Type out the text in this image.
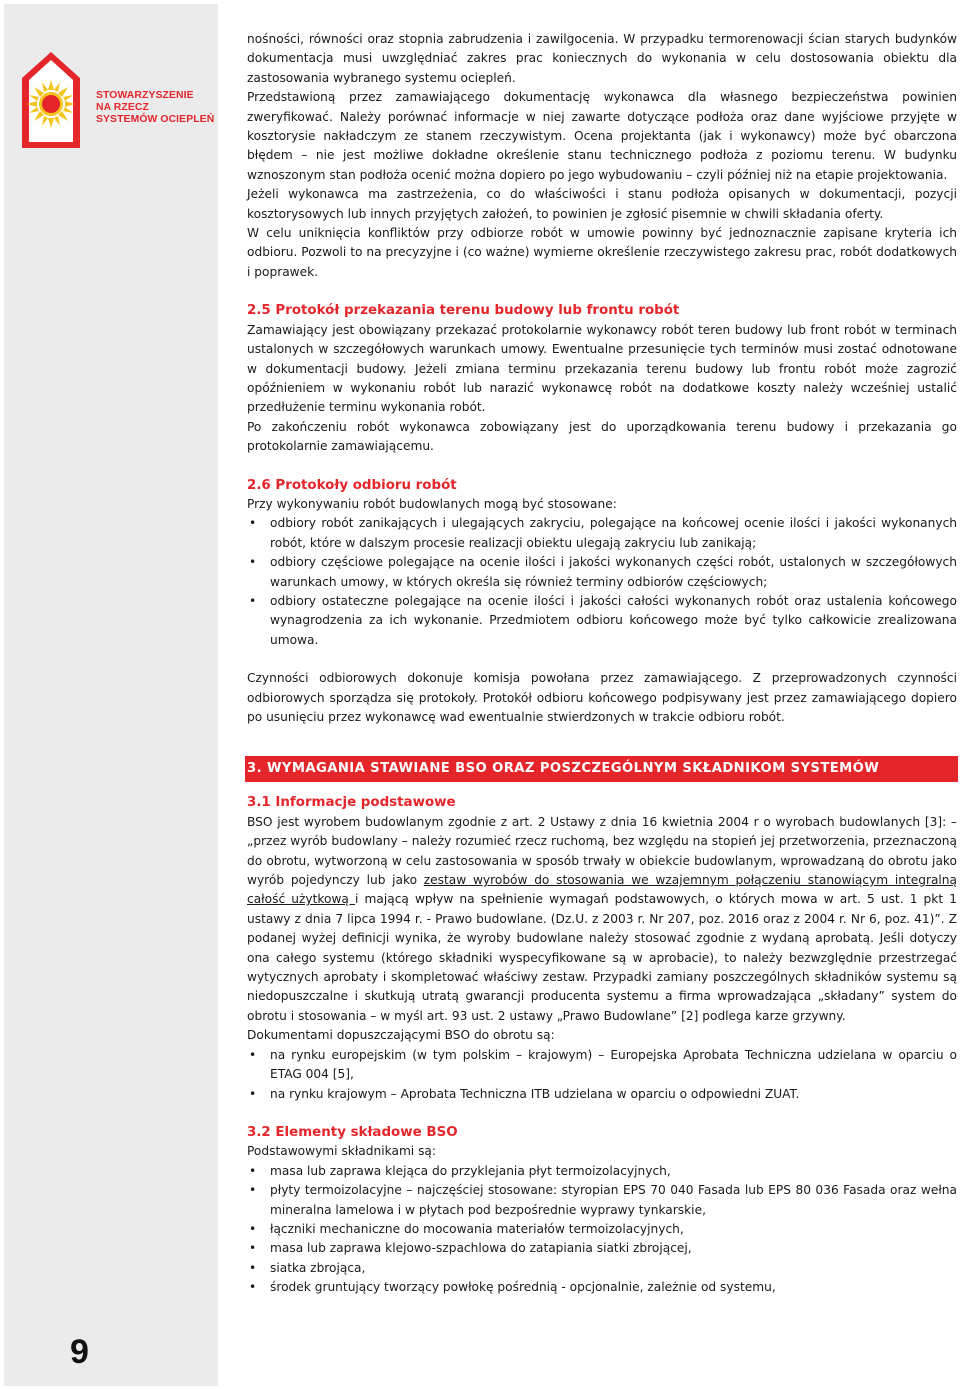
STOWARZYSZENIE
NA RZECZ
SYSTEMÓW OCIEPLEŃ
9

nośności, równości oraz stopnia zabrudzenia i zawilgocenia. W przypadku termorenowacji ścian starych budynków dokumentacja musi uwzględniać zakres prac koniecznych do wykonania w celu dostosowania obiektu dla zastosowania wybranego systemu ociepleń.

Przedstawioną przez zamawiającego dokumentację wykonawca dla własnego bezpieczeństwa powinien zweryfikować. Należy porównać informacje w niej zawarte dotyczące podłoża oraz dane wyjściowe przyjęte w kosztorysie nakładczym ze stanem rzeczywistym. Ocena projektanta (jak i wykonawcy) może być obarczona błędem – nie jest możliwe dokładne określenie stanu technicznego podłoża z poziomu terenu. W budynku wznoszonym stan podłoża ocenić można dopiero po jego wybudowaniu – czyli później niż na etapie projektowania.

Jeżeli wykonawca ma zastrzeżenia, co do właściwości i stanu podłoża opisanych w dokumentacji, pozycji kosztorysowych lub innych przyjętych założeń, to powinien je zgłosić pisemnie w chwili składania oferty.

W celu uniknięcia konfliktów przy odbiorze robót w umowie powinny być jednoznacznie zapisane kryteria ich odbioru. Pozwoli to na precyzyjne i (co ważne) wymierne określenie rzeczywistego zakresu prac, robót dodatkowych i poprawek.

2.5 Protokół przekazania terenu budowy lub frontu robót

Zamawiający jest obowiązany przekazać protokolarnie wykonawcy robót teren budowy lub front robót w terminach ustalonych w szczegółowych warunkach umowy. Ewentualne przesunięcie tych terminów musi zostać odnotowane w dokumentacji budowy. Jeżeli zmiana terminu przekazania terenu budowy lub frontu robót może zagrozić opóźnieniem w wykonaniu robót lub narazić wykonawcę robót na dodatkowe koszty należy wcześniej ustalić przedłużenie terminu wykonania robót.

Po zakończeniu robót wykonawca zobowiązany jest do uporządkowania terenu budowy i przekazania go protokolarnie zamawiającemu.

2.6 Protokoły odbioru robót

Przy wykonywaniu robót budowlanych mogą być stosowane:

• odbiory robót zanikających i ulegających zakryciu, polegające na końcowej ocenie ilości i jakości wykonanych robót, które w dalszym procesie realizacji obiektu ulegają zakryciu lub zanikają;
• odbiory częściowe polegające na ocenie ilości i jakości wykonanych części robót, ustalonych w szczegółowych warunkach umowy, w których określa się również terminy odbiorów częściowych;
• odbiory ostateczne polegające na ocenie ilości i jakości całości wykonanych robót oraz ustalenia końcowego wynagrodzenia za ich wykonanie. Przedmiotem odbioru końcowego może być tylko całkowicie zrealizowana umowa.

Czynności odbiorowych dokonuje komisja powołana przez zamawiającego. Z przeprowadzonych czynności odbiorowych sporządza się protokoły. Protokół odbioru końcowego podpisywany jest przez zamawiającego dopiero po usunięciu przez wykonawcę wad ewentualnie stwierdzonych w trakcie odbioru robót.

3. WYMAGANIA STAWIANE BSO ORAZ POSZCZEGÓLNYM SKŁADNIKOM SYSTEMÓW
3.1 Informacje podstawowe

BSO jest wyrobem budowlanym zgodnie z art. 2 Ustawy z dnia 16 kwietnia 2004 r o wyrobach budowlanych [3]: – „przez wyrób budowlany – należy rozumieć rzecz ruchomą, bez względu na stopień jej przetworzenia, przeznaczoną do obrotu, wytworzoną w celu zastosowania w sposób trwały w obiekcie budowlanym, wprowadzaną do obrotu jako wyrób pojedynczy lub jako zestaw wyrobów do stosowania we wzajemnym połączeniu stanowiącym integralną całość użytkową i mającą wpływ na spełnienie wymagań podstawowych, o których mowa w art. 5 ust. 1 pkt 1 ustawy z dnia 7 lipca 1994 r. - Prawo budowlane. (Dz.U. z 2003 r. Nr 207, poz. 2016 oraz z 2004 r. Nr 6, poz. 41)”. Z podanej wyżej definicji wynika, że wyroby budowlane należy stosować zgodnie z wydaną aprobatą. Jeśli dotyczy ona całego systemu (którego składniki wyspecyfikowane są w aprobacie), to należy bezwzględnie przestrzegać wytycznych aprobaty i skompletować właściwy zestaw. Przypadki zamiany poszczególnych składników systemu są niedopuszczalne i skutkują utratą gwarancji producenta systemu a firma wprowadzająca „składany” system do obrotu i stosowania – w myśl art. 93 ust. 2 ustawy „Prawo Budowlane” [2] podlega karze grzywny.

Dokumentami dopuszczającymi BSO do obrotu są:

• na rynku europejskim (w tym polskim – krajowym) – Europejska Aprobata Techniczna udzielana w oparciu o ETAG 004 [5],
• na rynku krajowym – Aprobata Techniczna ITB udzielana w oparciu o odpowiedni ZUAT.
3.2 Elementy składowe BSO

Podstawowymi składnikami są:

• masa lub zaprawa klejąca do przyklejania płyt termoizolacyjnych,
• płyty termoizolacyjne – najczęściej stosowane: styropian EPS 70 040 Fasada lub EPS 80 036 Fasada oraz wełna mineralna lamelowa i w płytach pod bezpośrednie wyprawy tynkarskie,
• łączniki mechaniczne do mocowania materiałów termoizolacyjnych,
• masa lub zaprawa klejowo-szpachlowa do zatapiania siatki zbrojącej,
• siatka zbrojąca,
• środek gruntujący tworzący powłokę pośrednią - opcjonalnie, zależnie od systemu,
